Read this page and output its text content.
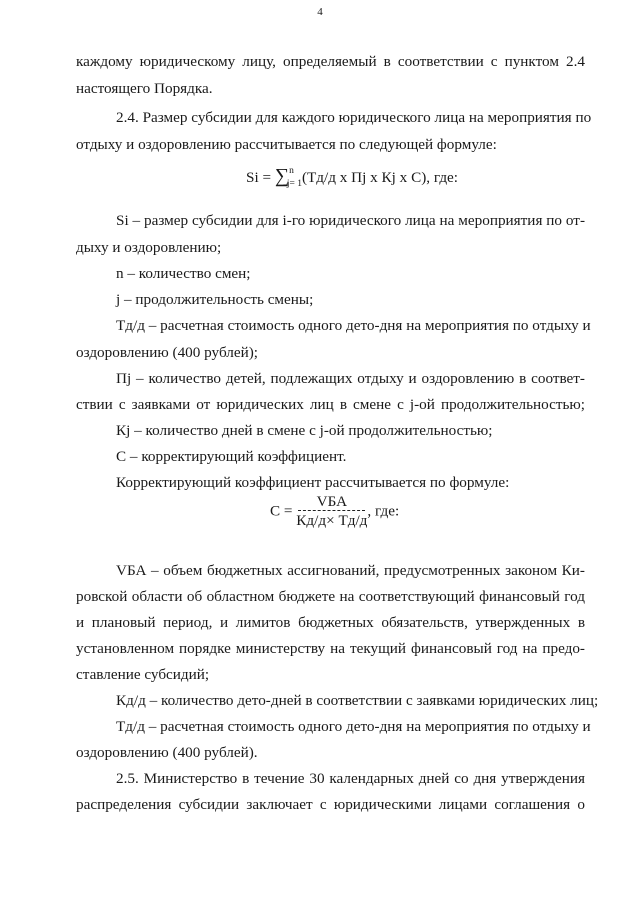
4
каждому юридическому лицу, определяемый в соответствии с пунктом 2.4
настоящего Порядка.
2.4. Размер субсидии для каждого юридического лица на мероприятия по
отдыху и оздоровлению рассчитывается по следующей формуле:
Si = ∑$^n_{j= 1}$(Тд/д х Пj х Кj х С), где:
Si – размер субсидии для i-го юридического лица на мероприятия по от-
дыху и оздоровлению;
n – количество смен;
j – продолжительность смены;
Тд/д – расчетная стоимость одного дето-дня на мероприятия по отдыху и
оздоровлению (400 рублей);
Пj – количество детей, подлежащих отдыху и оздоровлению в соответ-
ствии с заявками от юридических лиц в смене с j-ой продолжительностью;
Кj – количество дней в смене с j-ой продолжительностью;
С – корректирующий коэффициент.
Корректирующий коэффициент рассчитывается по формуле:
$С = \frac{\text{VБА}}{Кд/д\times Тд/д}$ , где:
VБА – объем бюджетных ассигнований, предусмотренных законом Ки-
ровской области об областном бюджете на соответствующий финансовый год
и плановый период, и лимитов бюджетных обязательств, утвержденных в
установленном порядке министерству на текущий финансовый год на предо-
ставление субсидий;
Кд/д – количество дето-дней в соответствии с заявками юридических лиц;
Тд/д – расчетная стоимость одного дето-дня на мероприятия по отдыху и
оздоровлению (400 рублей).
2.5. Министерство в течение 30 календарных дней со дня утверждения
распределения субсидии заключает с юридическими лицами соглашения о
